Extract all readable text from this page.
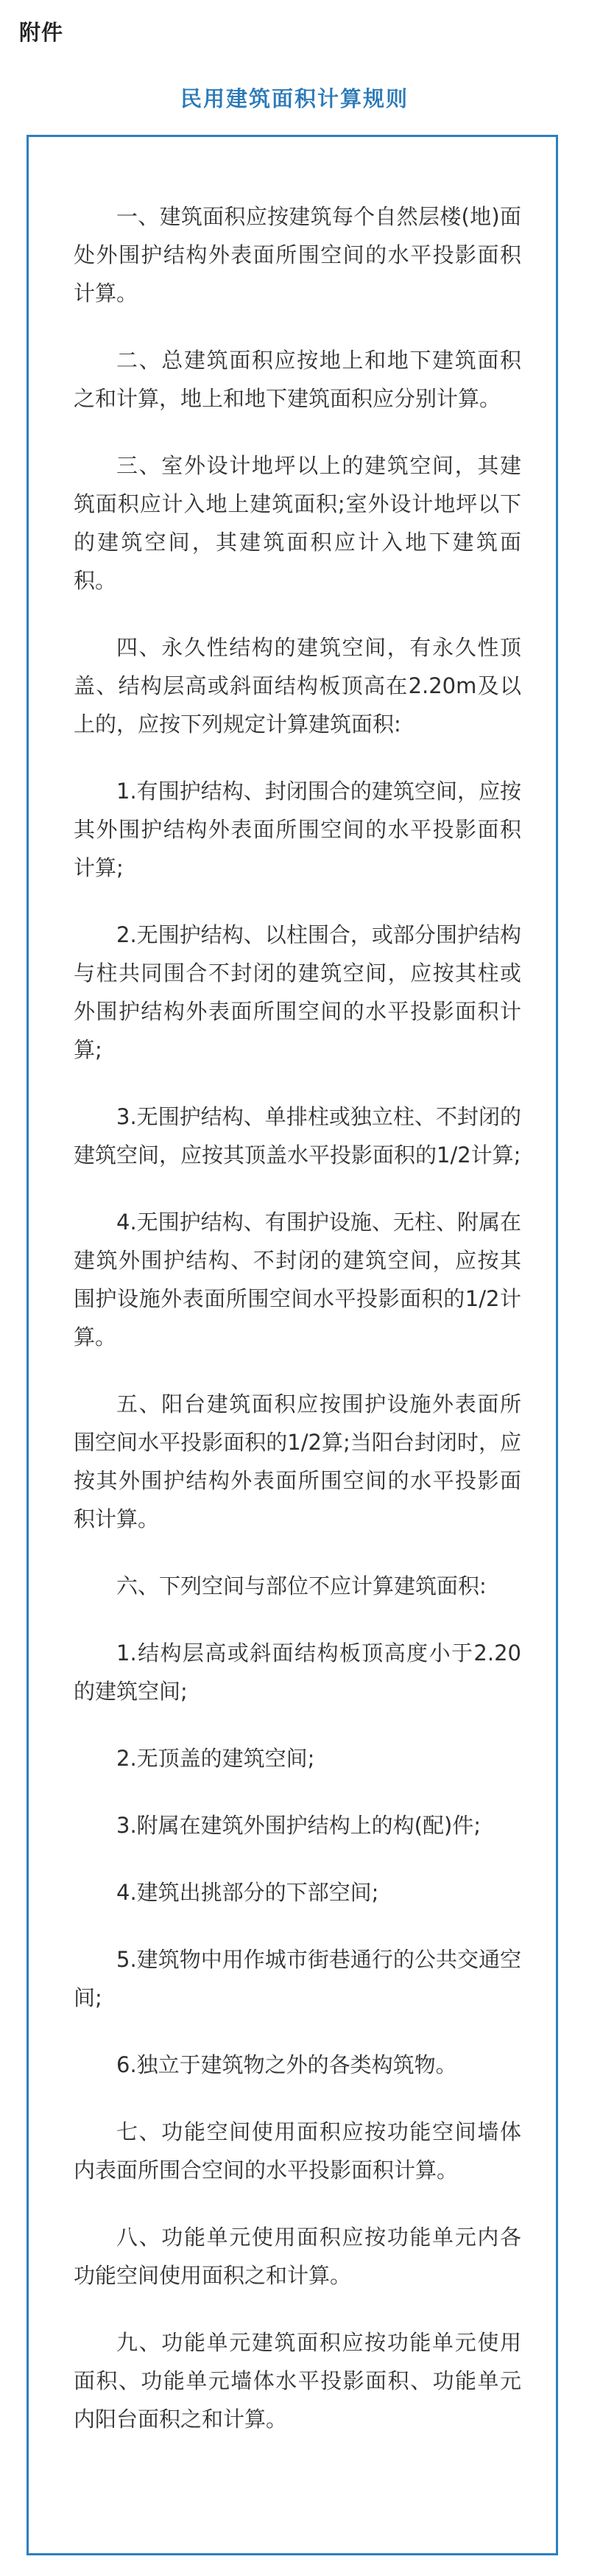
附件
民用建筑面积计算规则

一、建筑面积应按建筑每个自然层楼(地)面处外围护结构外表面所围空间的水平投影面积计算。

二、总建筑面积应按地上和地下建筑面积之和计算，地上和地下建筑面积应分别计算。

三、室外设计地坪以上的建筑空间，其建筑面积应计入地上建筑面积;室外设计地坪以下的建筑空间，其建筑面积应计入地下建筑面积。

四、永久性结构的建筑空间，有永久性顶盖、结构层高或斜面结构板顶高在2.20m及以上的，应按下列规定计算建筑面积:

1.有围护结构、封闭围合的建筑空间，应按其外围护结构外表面所围空间的水平投影面积计算;

2.无围护结构、以柱围合，或部分围护结构与柱共同围合不封闭的建筑空间，应按其柱或外围护结构外表面所围空间的水平投影面积计算;

3.无围护结构、单排柱或独立柱、不封闭的建筑空间，应按其顶盖水平投影面积的1/2计算;

4.无围护结构、有围护设施、无柱、附属在建筑外围护结构、不封闭的建筑空间，应按其围护设施外表面所围空间水平投影面积的1/2计算。

五、阳台建筑面积应按围护设施外表面所围空间水平投影面积的1/2算;当阳台封闭时，应按其外围护结构外表面所围空间的水平投影面积计算。

六、下列空间与部位不应计算建筑面积:

1.结构层高或斜面结构板顶高度小于2.20的建筑空间;

2.无顶盖的建筑空间;

3.附属在建筑外围护结构上的构(配)件;

4.建筑出挑部分的下部空间;

5.建筑物中用作城市街巷通行的公共交通空间;

6.独立于建筑物之外的各类构筑物。

七、功能空间使用面积应按功能空间墙体内表面所围合空间的水平投影面积计算。

八、功能单元使用面积应按功能单元内各功能空间使用面积之和计算。

九、功能单元建筑面积应按功能单元使用面积、功能单元墙体水平投影面积、功能单元内阳台面积之和计算。
